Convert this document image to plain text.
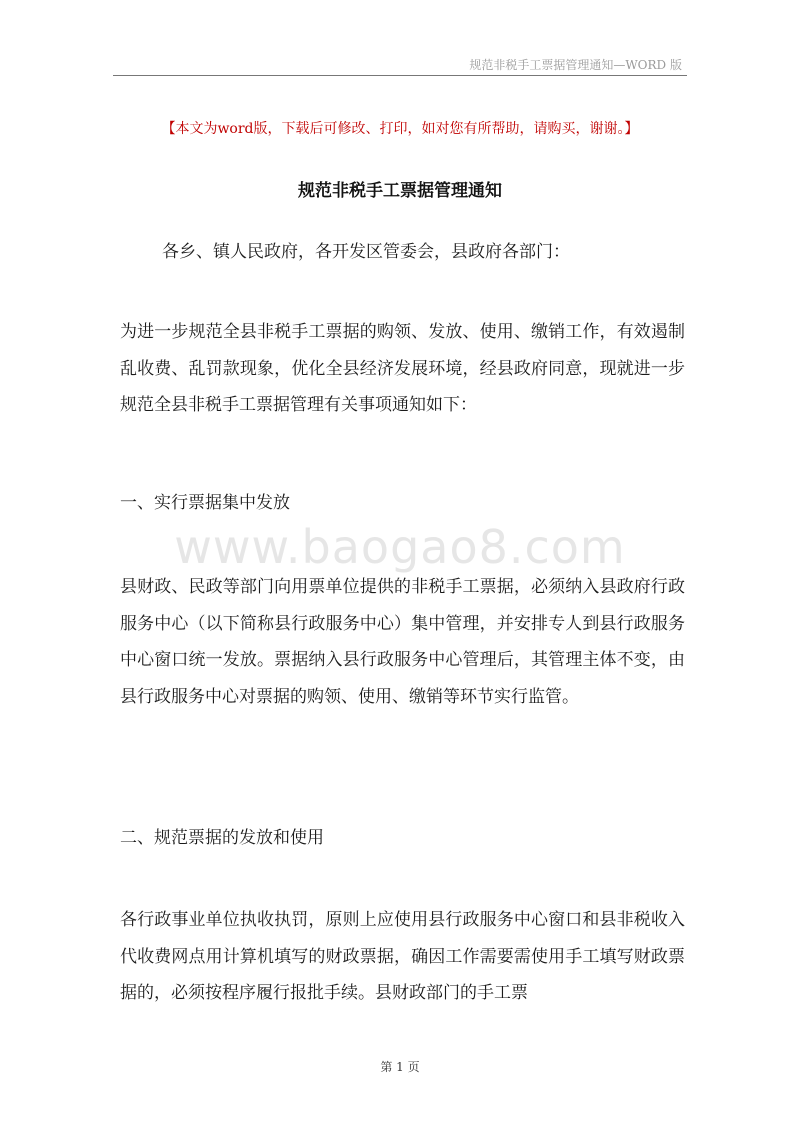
规范非税手工票据管理通知—WORD 版
【本文为word版，下载后可修改、打印，如对您有所帮助，请购买，谢谢。】
规范非税手工票据管理通知

各乡、镇人民政府，各开发区管委会，县政府各部门：

为进一步规范全县非税手工票据的购领、发放、使用、缴销工作，有效遏制乱收费、乱罚款现象，优化全县经济发展环境，经县政府同意，现就进一步规范全县非税手工票据管理有关事项通知如下：

一、实行票据集中发放

www.baogao8.com

县财政、民政等部门向用票单位提供的非税手工票据，必须纳入县政府行政服务中心（以下简称县行政服务中心）集中管理，并安排专人到县行政服务中心窗口统一发放。票据纳入县行政服务中心管理后，其管理主体不变，由县行政服务中心对票据的购领、使用、缴销等环节实行监管。

二、规范票据的发放和使用

各行政事业单位执收执罚，原则上应使用县行政服务中心窗口和县非税收入代收费网点用计算机填写的财政票据，确因工作需要需使用手工填写财政票据的，必须按程序履行报批手续。县财政部门的手工票

第 1 页
